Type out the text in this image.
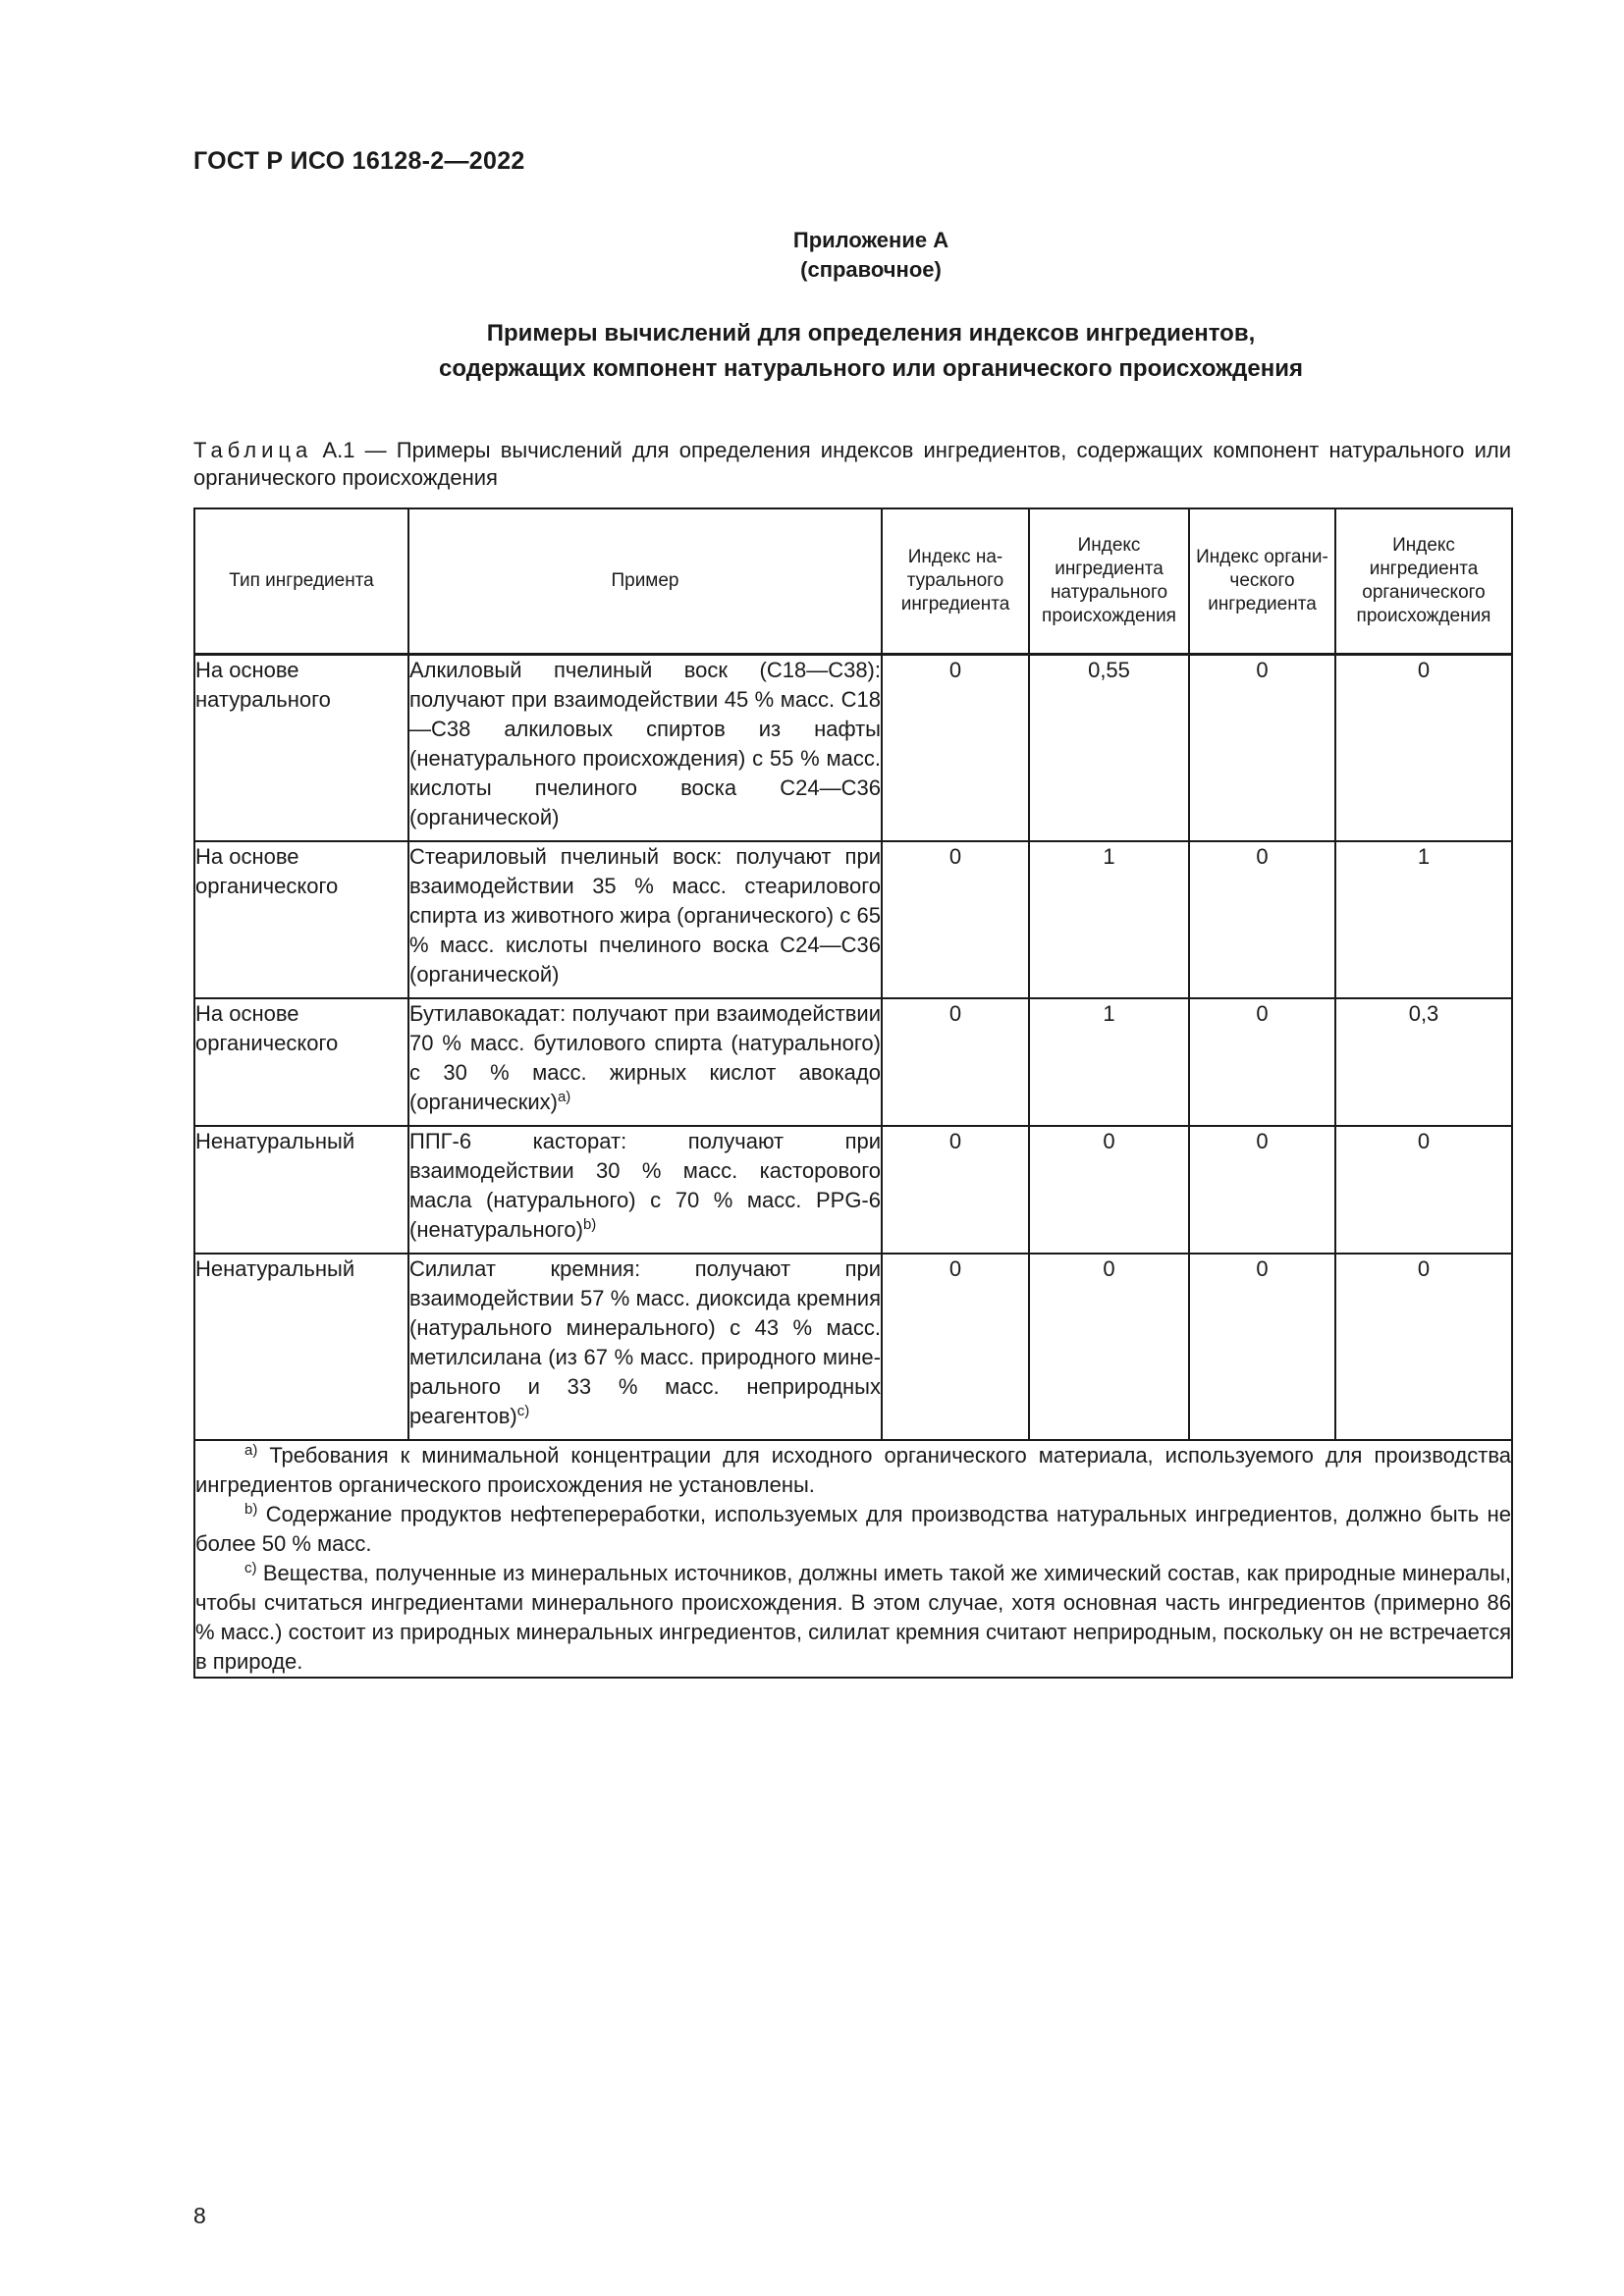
ГОСТ Р ИСО 16128-2—2022
Приложение А
(справочное)
Примеры вычислений для определения индексов ингредиентов,
содержащих компонент натурального или органического происхождения
Таблица А.1 — Примеры вычислений для определения индексов ингредиентов, содержащих компонент натурального или органического происхождения
Тип ингредиента	Пример	Индекс натурального ингредиента	Индекс ингредиента натурального происхождения	Индекс органического ингредиента	Индекс ингредиента органического происхождения
На основе натурального	Алкиловый пчелиный воск (С18—С38): получают при взаимодействии 45 % масс. С18—С38 алкиловых спиртов из нафты (ненатурального происхождения) с 55 % масс. кислоты пчелиного воска С24—С36 (органической)	0	0,55	0	0
На основе органического	Стеариловый пчелиный воск: получают при взаимодействии 35 % масс. стеарилового спирта из животного жира (органического) с 65 % масс. кислоты пчелиного воска С24—С36 (органической)	0	1	0	1
На основе органического	Бутилавокадат: получают при взаимодействии 70 % масс. бутилового спирта (натурального) с 30 % масс. жирных кислот авокадо (органических)$^{а)}$	0	1	0	0,3
Ненатуральный	ППГ-6 касторат: получают при взаимодействии 30 % масс. касторового масла (натурального) с 70 % масс. PPG-6 (ненатурального)$^{b)}$	0	0	0	0
Ненатуральный	Силилат кремния: получают при взаимодействии 57 % масс. диоксида кремния (натурального минерального) с 43 % масс. метилсилана (из 67 % масс. природного минерального и 33 % масс. неприродных реагентов)$^{с)}$	0	0	0	0

$^{а)}$ Требования к минимальной концентрации для исходного органического материала, используемого для производства ингредиентов органического происхождения не установлены.

$^{b)}$ Содержание продуктов нефтепереработки, используемых для производства натуральных ингредиентов, должно быть не более 50 % масс.

$^{с)}$ Вещества, полученные из минеральных источников, должны иметь такой же химический состав, как природные минералы, чтобы считаться ингредиентами минерального происхождения. В этом случае, хотя основная часть ингредиентов (примерно 86 % масс.) состоит из природных минеральных ингредиентов, силилат кремния считают неприродным, поскольку он не встречается в природе.					

8
